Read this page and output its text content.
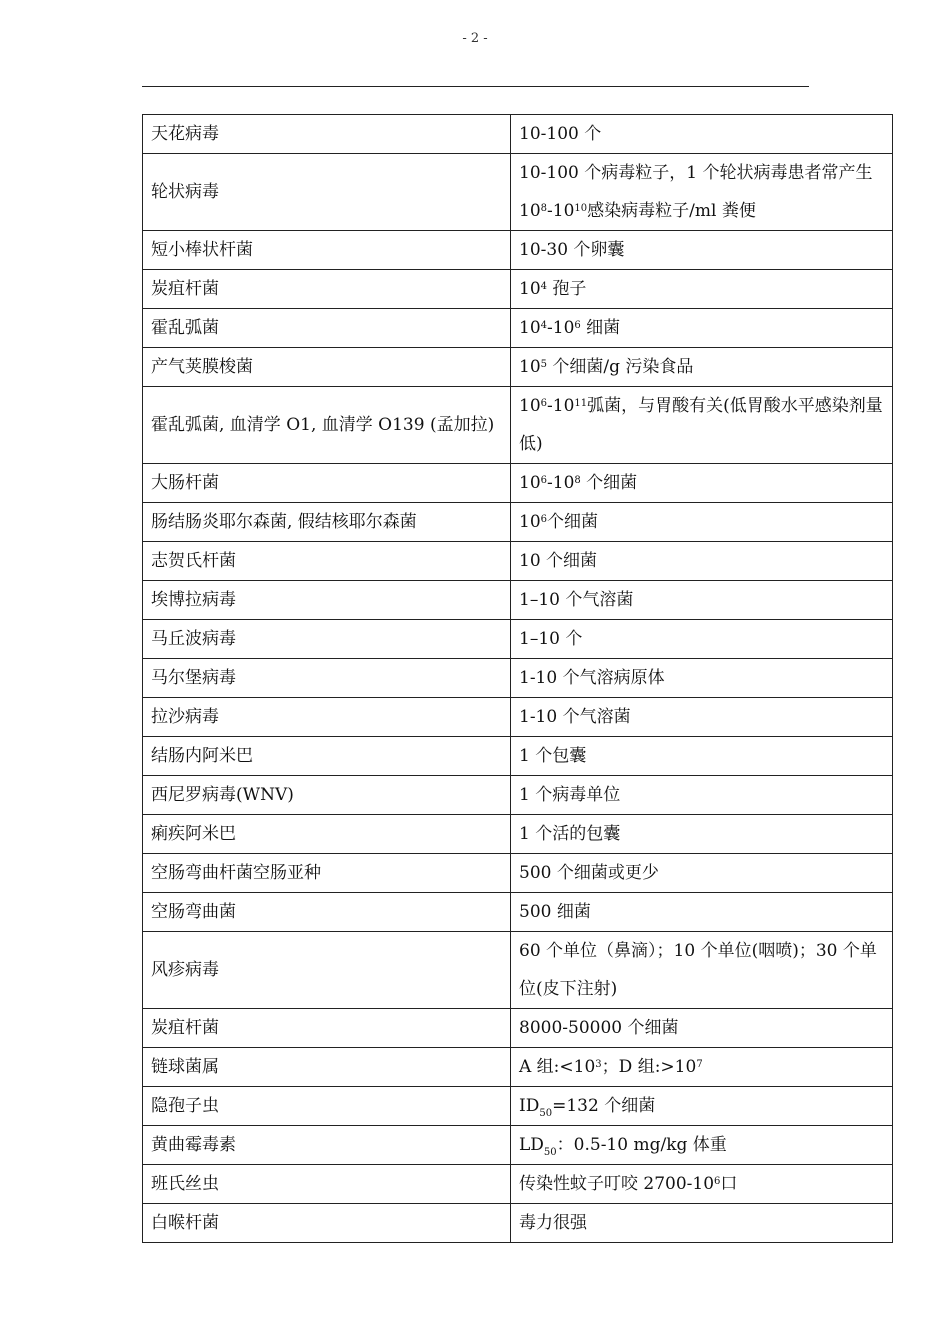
- 2 -
天花病毒	10-100 个
轮状病毒	10-100 个病毒粒子，1 个轮状病毒患者常产生 $10^8-10^{10}$感染病毒粒子/ml 粪便
短小棒状杆菌	10-30 个卵囊
炭疽杆菌	$10^4$ 孢子
霍乱弧菌	$10^4-10^6$ 细菌
产气荚膜梭菌	$10^5$ 个细菌/g 污染食品
霍乱弧菌, 血清学 O1, 血清学 O139 (孟加拉)	$10^6-10^{11}$弧菌，与胃酸有关(低胃酸水平感染剂量低)
大肠杆菌	$10^6-10^8$ 个细菌
肠结肠炎耶尔森菌, 假结核耶尔森菌	$10^6$个细菌
志贺氏杆菌	10 个细菌
埃博拉病毒	1–10 个气溶菌
马丘波病毒	1–10 个
马尔堡病毒	1-10 个气溶病原体
拉沙病毒	1-10 个气溶菌
结肠内阿米巴	1 个包囊
西尼罗病毒(WNV)	1 个病毒单位
痢疾阿米巴	1 个活的包囊
空肠弯曲杆菌空肠亚种	500 个细菌或更少
空肠弯曲菌	500 细菌
风疹病毒	60 个单位（鼻滴）；10 个单位(咽喷)；30 个单位(皮下注射)
炭疽杆菌	8000-50000 个细菌
链球菌属	A 组$:<10^3$；D 组$:>10^7$
隐孢子虫	$ID_{50}=132$ 个细菌
黄曲霉毒素	$LD_{50}$：0.5-10 mg/kg 体重
班氏丝虫	传染性蚊子叮咬 $2700-10^6$口
白喉杆菌	毒力很强
